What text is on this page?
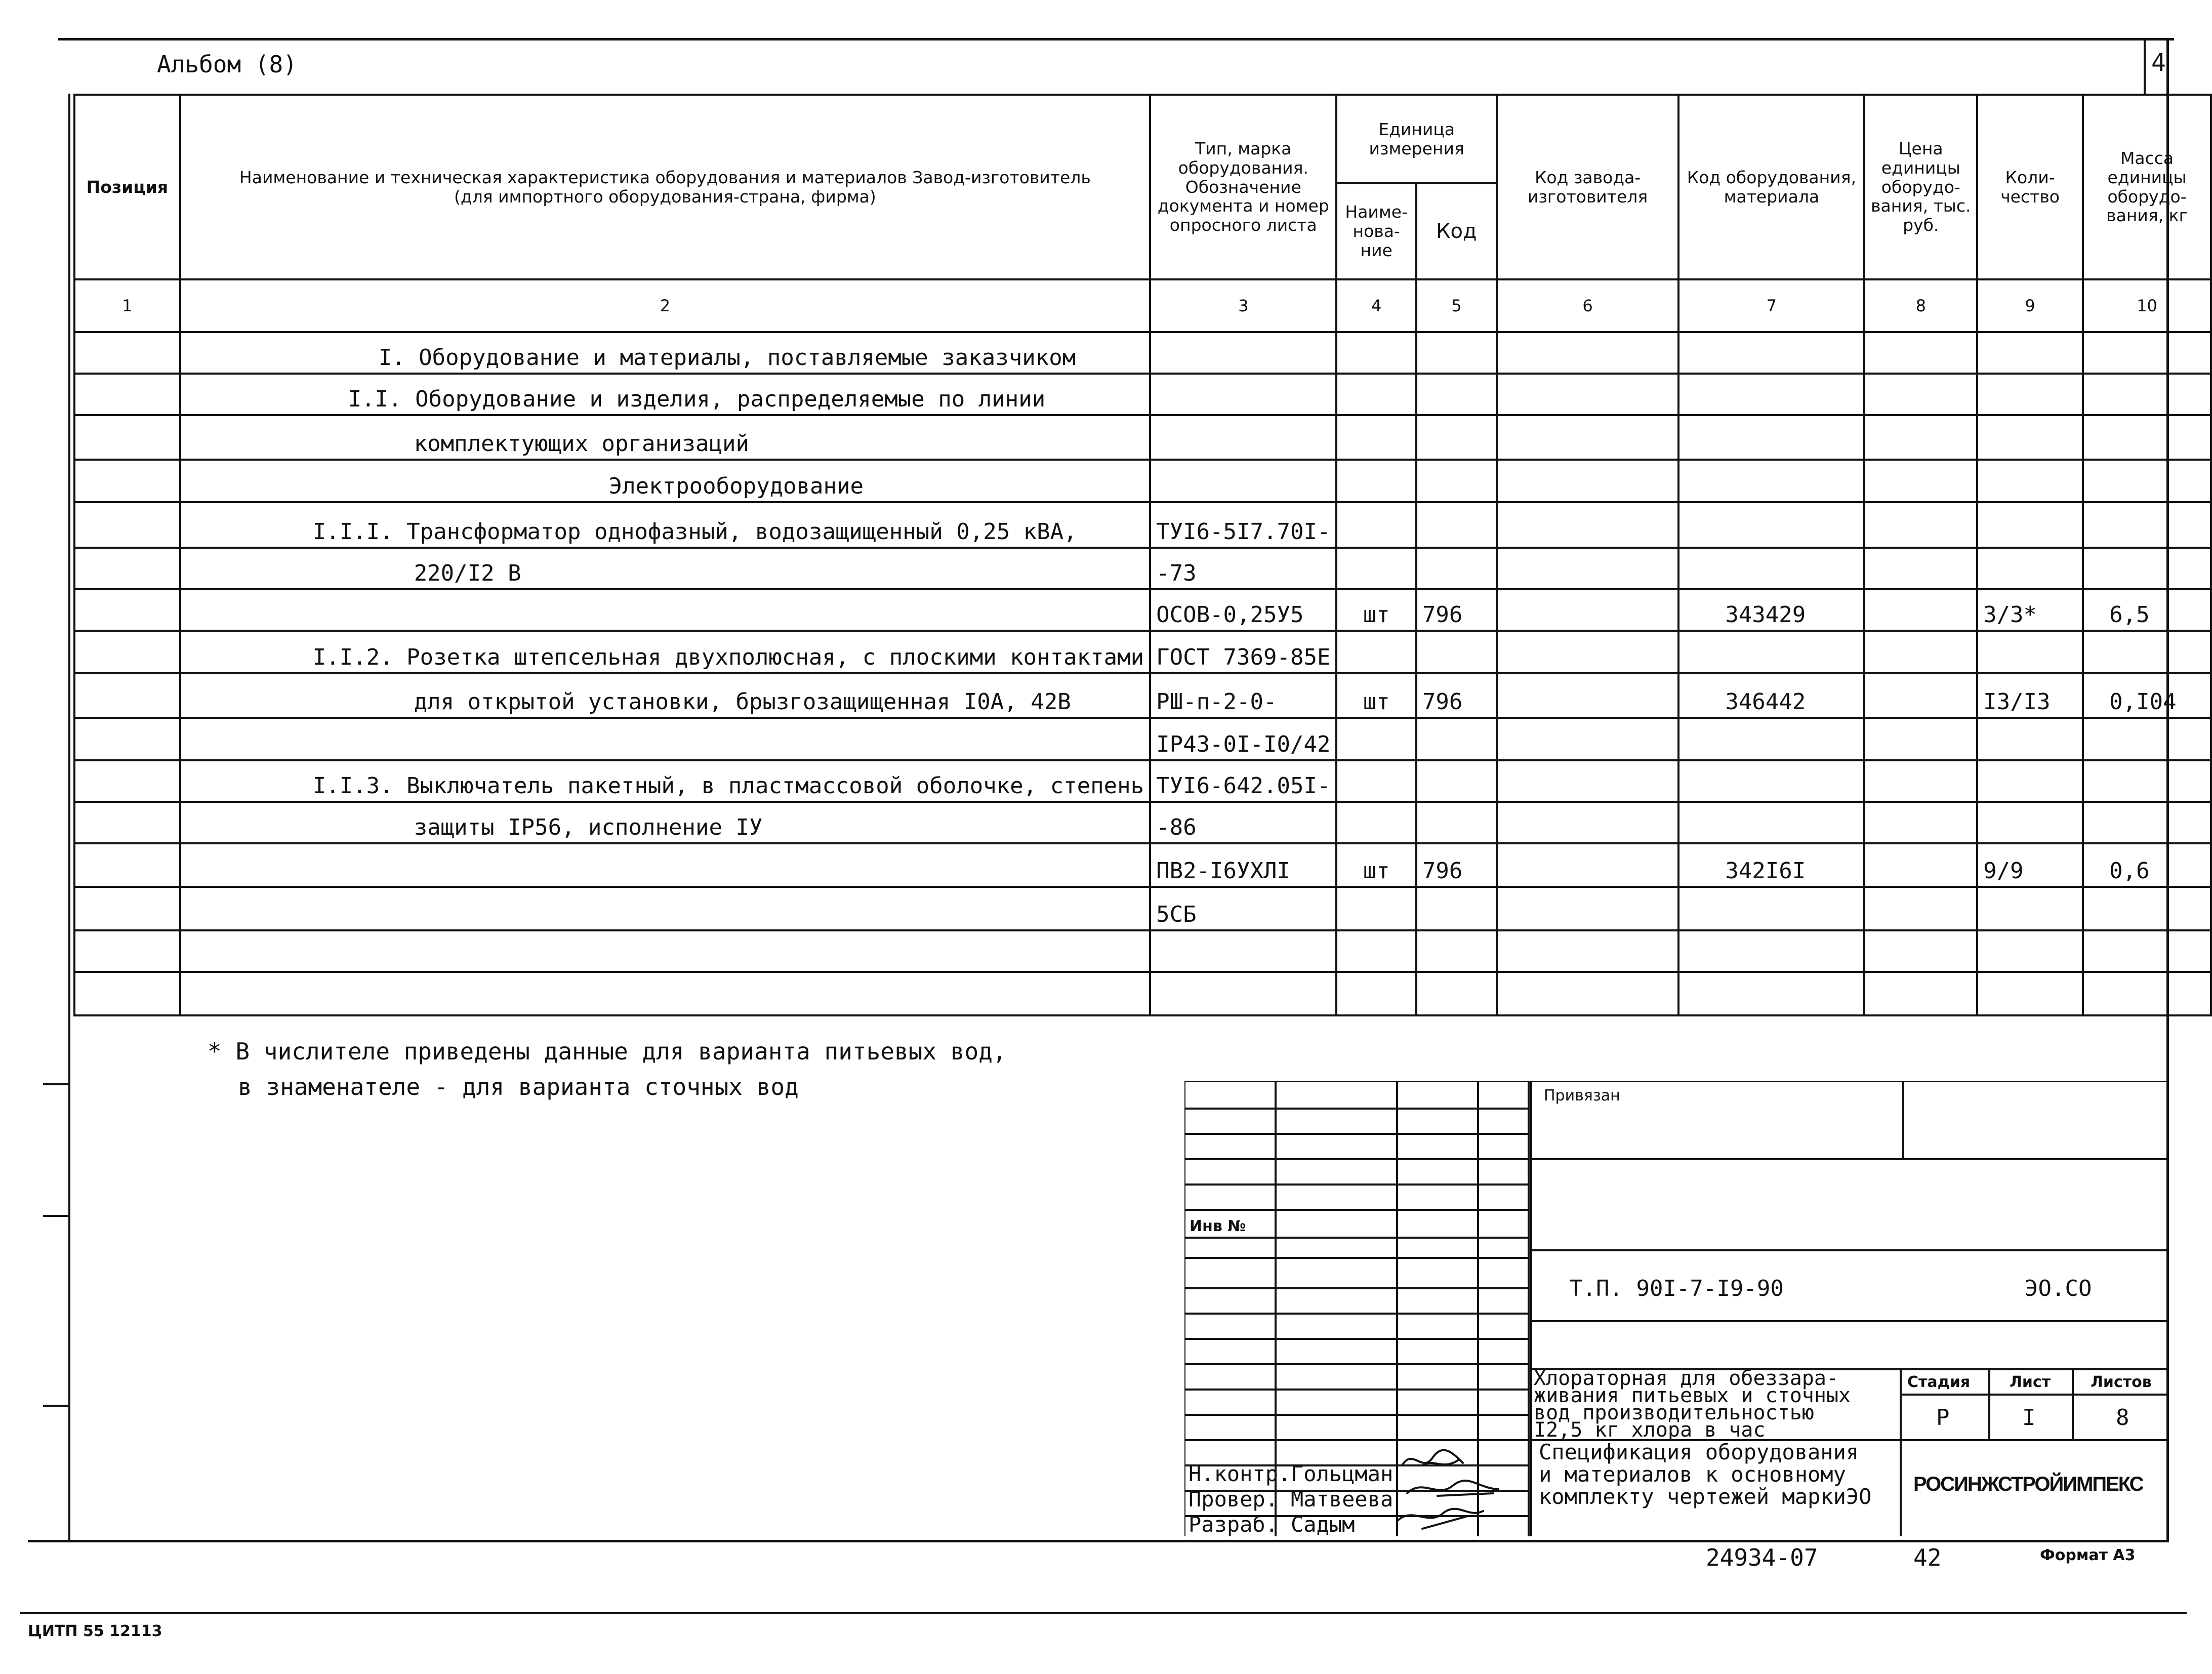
Альбом (8)	4
Позиция	Наименование и техническая характеристика оборудования и материалов Завод-изготовитель (для импортного оборудования-страна, фирма)	Тип, марка оборудования. Обозначение документа и номер опросного листа	Единица измерения		Код завода- изготовителя	Код оборудования, материала	Цена единицы оборудо- вания, тыс. руб.	Коли- чество	Масса единицы оборудо- вания, кг
			Наиме- нова- ние	Код					
1	2	3	4	5	6	7	8	9	10
	I. Оборудование и материалы, поставляемые заказчиком								
	I.I. Оборудование и изделия, распределяемые по линии								
	комплектующих организаций								
	Электрооборудование								
	I.I.I. Трансформатор однофазный, водозащищенный 0,25 кВА,	ТУI6-5I7.70I-							
	220/I2 В	-73							
		ОСОВ-0,25У5	шт	796		343429		3/3*	6,5
	I.I.2. Розетка штепсельная двухполюсная, с плоскими контактами	ГОСТ 7369-85Е							
	для открытой установки, брызгозащищенная I0А, 42В	РШ-п-2-0-	шт	796		346442		I3/I3	0,I04
		IP43-0I-I0/42							
	I.I.3. Выключатель пакетный, в пластмассовой оболочке, степень	ТУI6-642.05I-							
	защиты IP56, исполнение IУ	-86							
		ПВ2-I6УХЛI	шт	796		342I6I		9/9	0,6
		5СБ							

* В числителе приведены данные для варианта питьевых вод,
в знаменателе - для варианта сточных вод	Привязан
Инв №
Т.П. 90I-7-I9-90	ЭО.СО
Хлораторная для обеззара-
живания питьевых и сточных
вод производительностью
I2,5 кг хлора в час
Стадия	Лист	Листов
Р	I	8
Спецификация оборудования
и материалов к основному
комплекту чертежей маркиЭО РОСИНЖСТРОЙИМПЕКС
Н.контр. Гольцман
Провер. Матвеева
Разраб. Садым
24934-07	42	Формат А3
ЦИТП 55 12113
